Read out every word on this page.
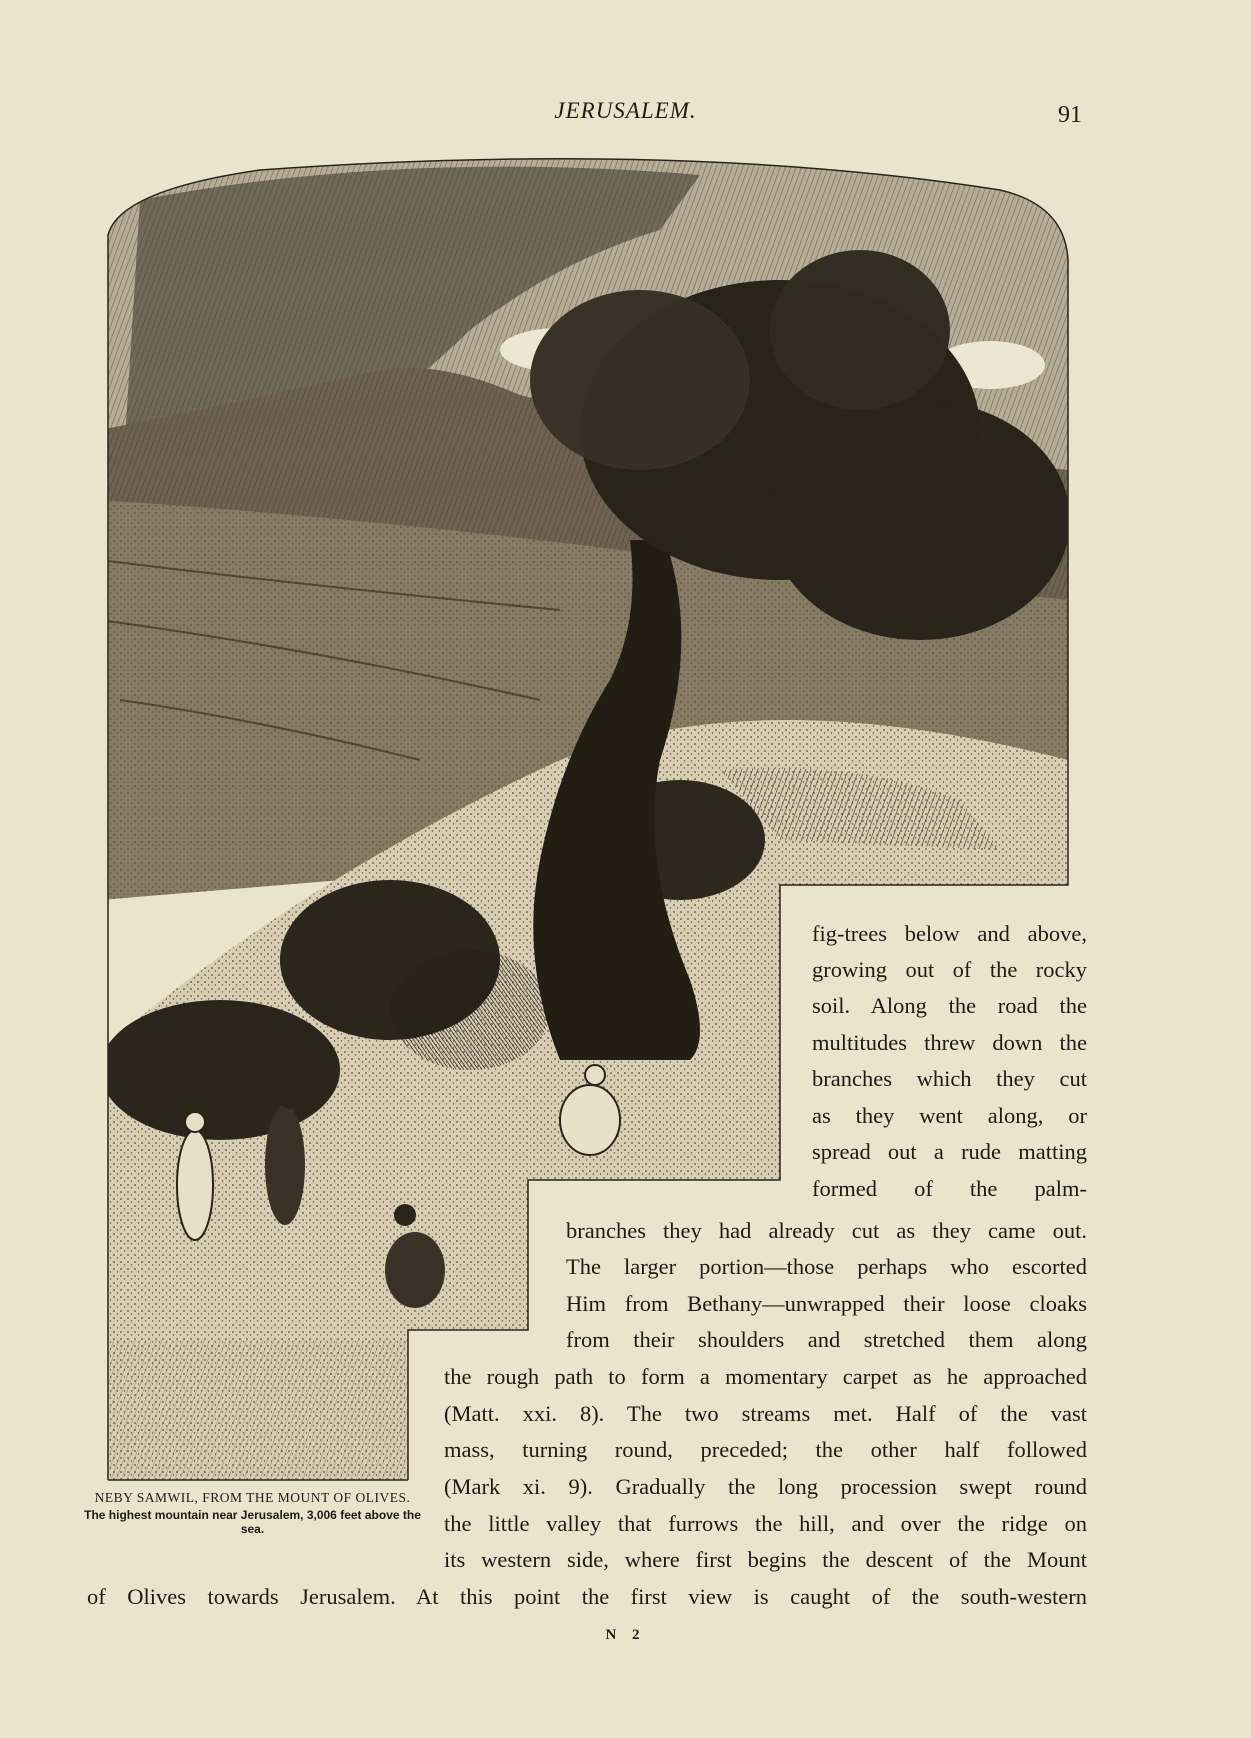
JERUSALEM.	91
NEBY SAMWIL, FROM THE MOUNT OF OLIVES.
The highest mountain near Jerusalem, 3,006 feet above the sea.
fig-trees below and above,
growing out of the rocky
soil. Along the road the
multitudes threw down the
branches which they cut
as they went along, or
spread out a rude matting
formed of the palm-
branches they had already cut as they came out.
The larger portion—those perhaps who escorted
Him from Bethany—unwrapped their loose cloaks
from their shoulders and stretched them along
the rough path to form a momentary carpet as he approached
(Matt. xxi. 8). The two streams met. Half of the vast
mass, turning round, preceded; the other half followed
(Mark xi. 9). Gradually the long procession swept round
the little valley that furrows the hill, and over the ridge on
its western side, where first begins the descent of the Mount
of Olives towards Jerusalem. At this point the first view is caught of the south-western
N 2
